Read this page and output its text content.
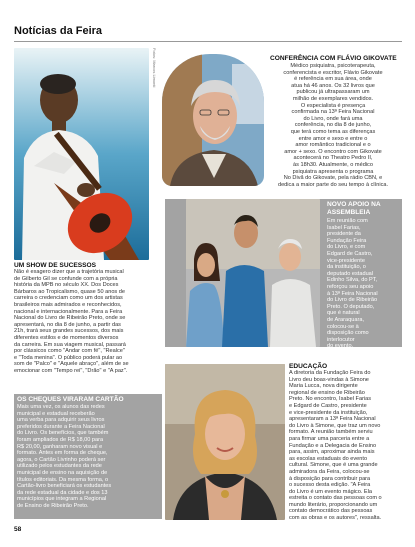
Notícias da Feira
Fotos: Marcos Limonti	CONFERÊNCIA COM FLÁVIO GIKOVATE
Médico psiquiatra, psicoterapeuta,
conferencista e escritor, Flávio Gikovate
é referência em sua área, onde
atua há 46 anos. Os 32 livros que
publicou já ultrapassaram um
milhão de exemplares vendidos.
O especialista é presença
confirmada na 13ª Feira Nacional
do Livro, onde fará uma
conferência, no dia 8 de junho,
que terá como tema as diferenças
entre amor e sexo e entre o
amor romântico tradicional e o
amor + sexo. O encontro com Gikovate
acontecerá no Theatro Pedro II,
às 18h30. Atualmente, o médico
psiquiatra apresenta o programa
No Divã do Gikovate, pela rádio CBN, e
dedica a maior parte do seu tempo à clínica.
NOVO APOIO NA ASSEMBLEIA
Em reunião com
Isabel Farias,
presidente da
Fundação Feira
do Livro, e com
Edgard de Castro,
vice-presidente
da instituição, o
deputado estadual
Edinho Silva, do PT,
reforçou seu apoio
à 13ª Feira Nacional
do Livro de Ribeirão
Preto. O deputado,
que é natural
de Araraquara,
colocou-se à
disposição como
interlocutor
do evento.
UM SHOW DE SUCESSOS
Não é exagero dizer que a trajetória musical
de Gilberto Gil se confunde com a própria
história da MPB no século XX. Dos Doces
Bárbaros ao Tropicalismo, quase 50 anos de
carreira o credenciam como um dos artistas
brasileiros mais admirados e reconhecidos,
nacional e internacionalmente. Para a Feira
Nacional do Livro de Ribeirão Preto, onde se
apresentará, no dia 8 de junho, a partir das
21h, trará seus grandes sucessos, dos mais
diferentes estilos e de momentos diversos
da carreira. Em sua viagem musical, passará
por clássicos como "Andar com fé", "Realce"
e "Toda menina". O público poderá pular ao
som de "Palco" e "Aquele abraço", além de se
emocionar com "Tempo rei", "Drão" e "A paz".
OS CHEQUES VIRARAM CARTÃO
Mais uma vez, os alunos das redes
municipal e estadual receberão
uma verba para adquirir seus livros
preferidos durante a Feira Nacional
do Livro. Os benefícios, que também
foram ampliados de R$ 18,00 para
R$ 20,00, ganharam novo visual e
formato. Antes em forma de cheque,
agora, o Cartão Livrinho poderá ser
utilizado pelos estudantes da rede
municipal de ensino na aquisição de
títulos editoriais. Da mesma forma, o
Cartão-livro beneficiará os estudantes
da rede estadual da cidade e dos 13
municípios que integram a Regional
de Ensino de Ribeirão Preto.
EDUCAÇÃO
A diretoria da Fundação Feira do
Livro deu boas-vindas à Simone
Maria Lucca, nova dirigente
regional de ensino de Ribeirão
Preto. No encontro, Isabel Farias
e Edgard de Castro, presidente
e vice-presidente da instituição,
apresentaram a 13ª Feira Nacional
do Livro à Simone, que traz um novo
formato. A reunião também serviu
para firmar uma parceria entre a
Fundação e a Delegacia de Ensino
para, assim, aproximar ainda mais
as escolas estaduais do evento
cultural. Simone, que é uma grande
admiradora da Feira, colocou-se
à disposição para contribuir para
o sucesso desta edição. "A Feira
do Livro é um evento mágico. Ela
estreita o contato das pessoas com o
mundo literário, proporcionando um
contato democrático das pessoas
com as obras e os autores", ressalta.
58
